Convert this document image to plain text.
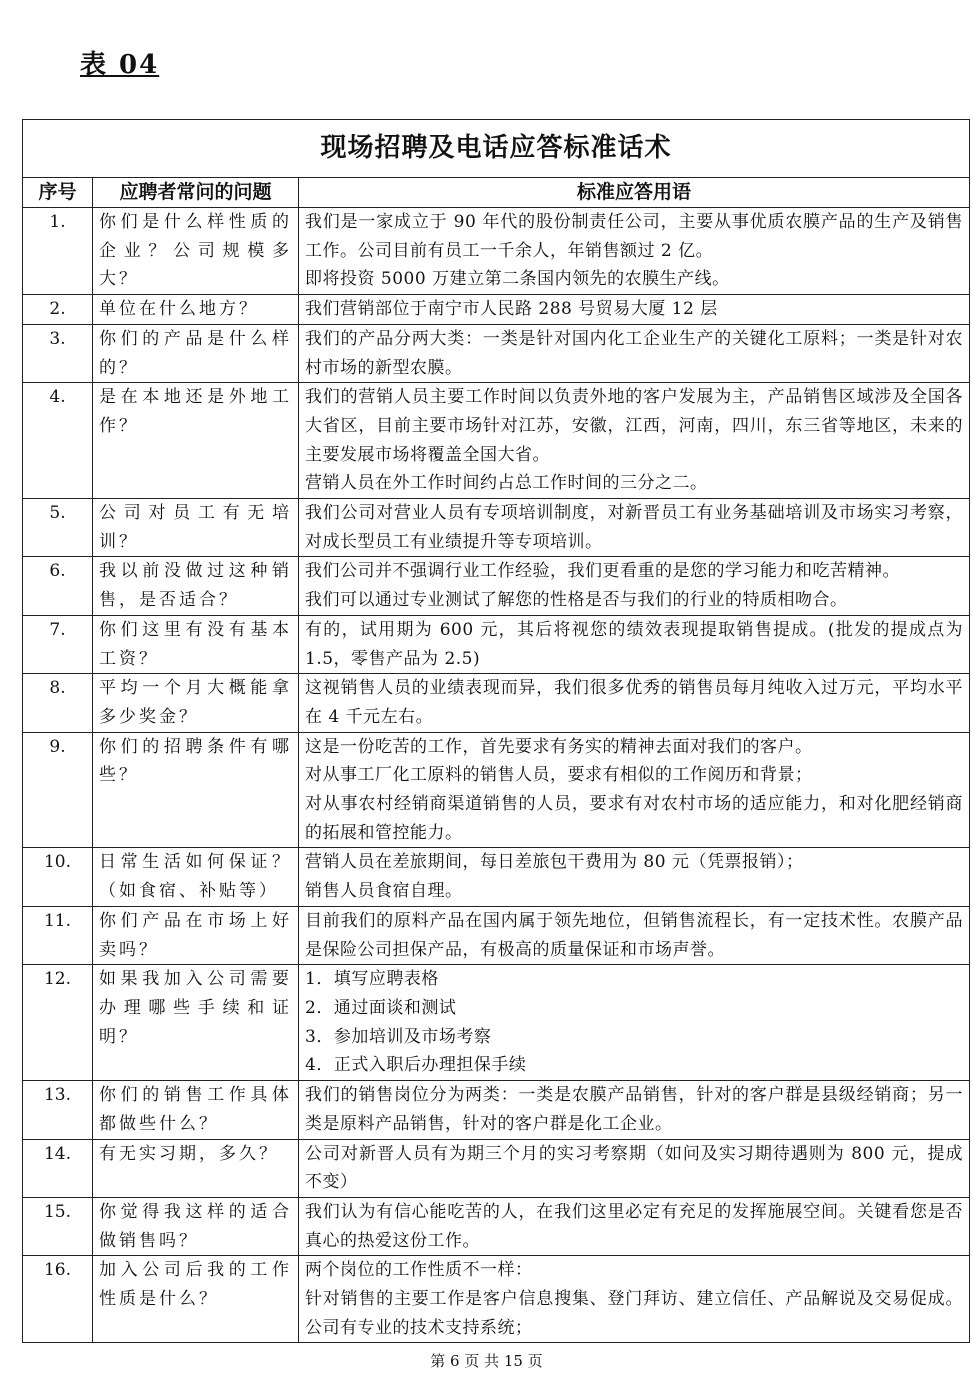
表 04
现场招聘及电话应答标准话术		
序号	应聘者常问的问题	标准应答用语
1.	你们是什么样性质的企业？公司规模多大？	我们是一家成立于 90 年代的股份制责任公司，主要从事优质农膜产品的生产及销售工作。公司目前有员工一千余人，年销售额过 2 亿。
即将投资 5000 万建立第二条国内领先的农膜生产线。

2.	单位在什么地方？	我们营销部位于南宁市人民路 288 号贸易大厦 12 层

3.	你们的产品是什么样的？	我们的产品分两大类：一类是针对国内化工企业生产的关键化工原料；一类是针对农村市场的新型农膜。

4.	是在本地还是外地工作？	我们的营销人员主要工作时间以负责外地的客户发展为主，产品销售区域涉及全国各大省区，目前主要市场针对江苏，安徽，江西，河南，四川，东三省等地区，未来的主要发展市场将覆盖全国大省。
营销人员在外工作时间约占总工作时间的三分之二。

5.	公司对员工有无培训？	我们公司对营业人员有专项培训制度，对新晋员工有业务基础培训及市场实习考察，对成长型员工有业绩提升等专项培训。

6.	我以前没做过这种销售，是否适合？	我们公司并不强调行业工作经验，我们更看重的是您的学习能力和吃苦精神。
我们可以通过专业测试了解您的性格是否与我们的行业的特质相吻合。

7.	你们这里有没有基本工资？	有的，试用期为 600 元，其后将视您的绩效表现提取销售提成。(批发的提成点为 1.5，零售产品为 2.5)

8.	平均一个月大概能拿多少奖金？	这视销售人员的业绩表现而异，我们很多优秀的销售员每月纯收入过万元，平均水平在 4 千元左右。

9.	你们的招聘条件有哪些？	这是一份吃苦的工作，首先要求有务实的精神去面对我们的客户。
对从事工厂化工原料的销售人员，要求有相似的工作阅历和背景；
对从事农村经销商渠道销售的人员，要求有对农村市场的适应能力，和对化肥经销商的拓展和管控能力。

10.	日常生活如何保证？（如食宿、补贴等）	营销人员在差旅期间，每日差旅包干费用为 80 元（凭票报销）；
销售人员食宿自理。

11.	你们产品在市场上好卖吗？	目前我们的原料产品在国内属于领先地位，但销售流程长，有一定技术性。农膜产品是保险公司担保产品，有极高的质量保证和市场声誉。

12.	如果我加入公司需要办理哪些手续和证明？	1．填写应聘表格
2．通过面谈和测试
3．参加培训及市场考察
4．正式入职后办理担保手续

13.	你们的销售工作具体都做些什么？	我们的销售岗位分为两类：一类是农膜产品销售，针对的客户群是县级经销商；另一类是原料产品销售，针对的客户群是化工企业。

14.	有无实习期，多久？	公司对新晋人员有为期三个月的实习考察期（如问及实习期待遇则为 800 元，提成不变）

15.	你觉得我这样的适合做销售吗？	我们认为有信心能吃苦的人，在我们这里必定有充足的发挥施展空间。关键看您是否真心的热爱这份工作。

16.	加入公司后我的工作性质是什么？	两个岗位的工作性质不一样：
针对销售的主要工作是客户信息搜集、登门拜访、建立信任、产品解说及交易促成。公司有专业的技术支持系统；
第 6 页 共 15 页
